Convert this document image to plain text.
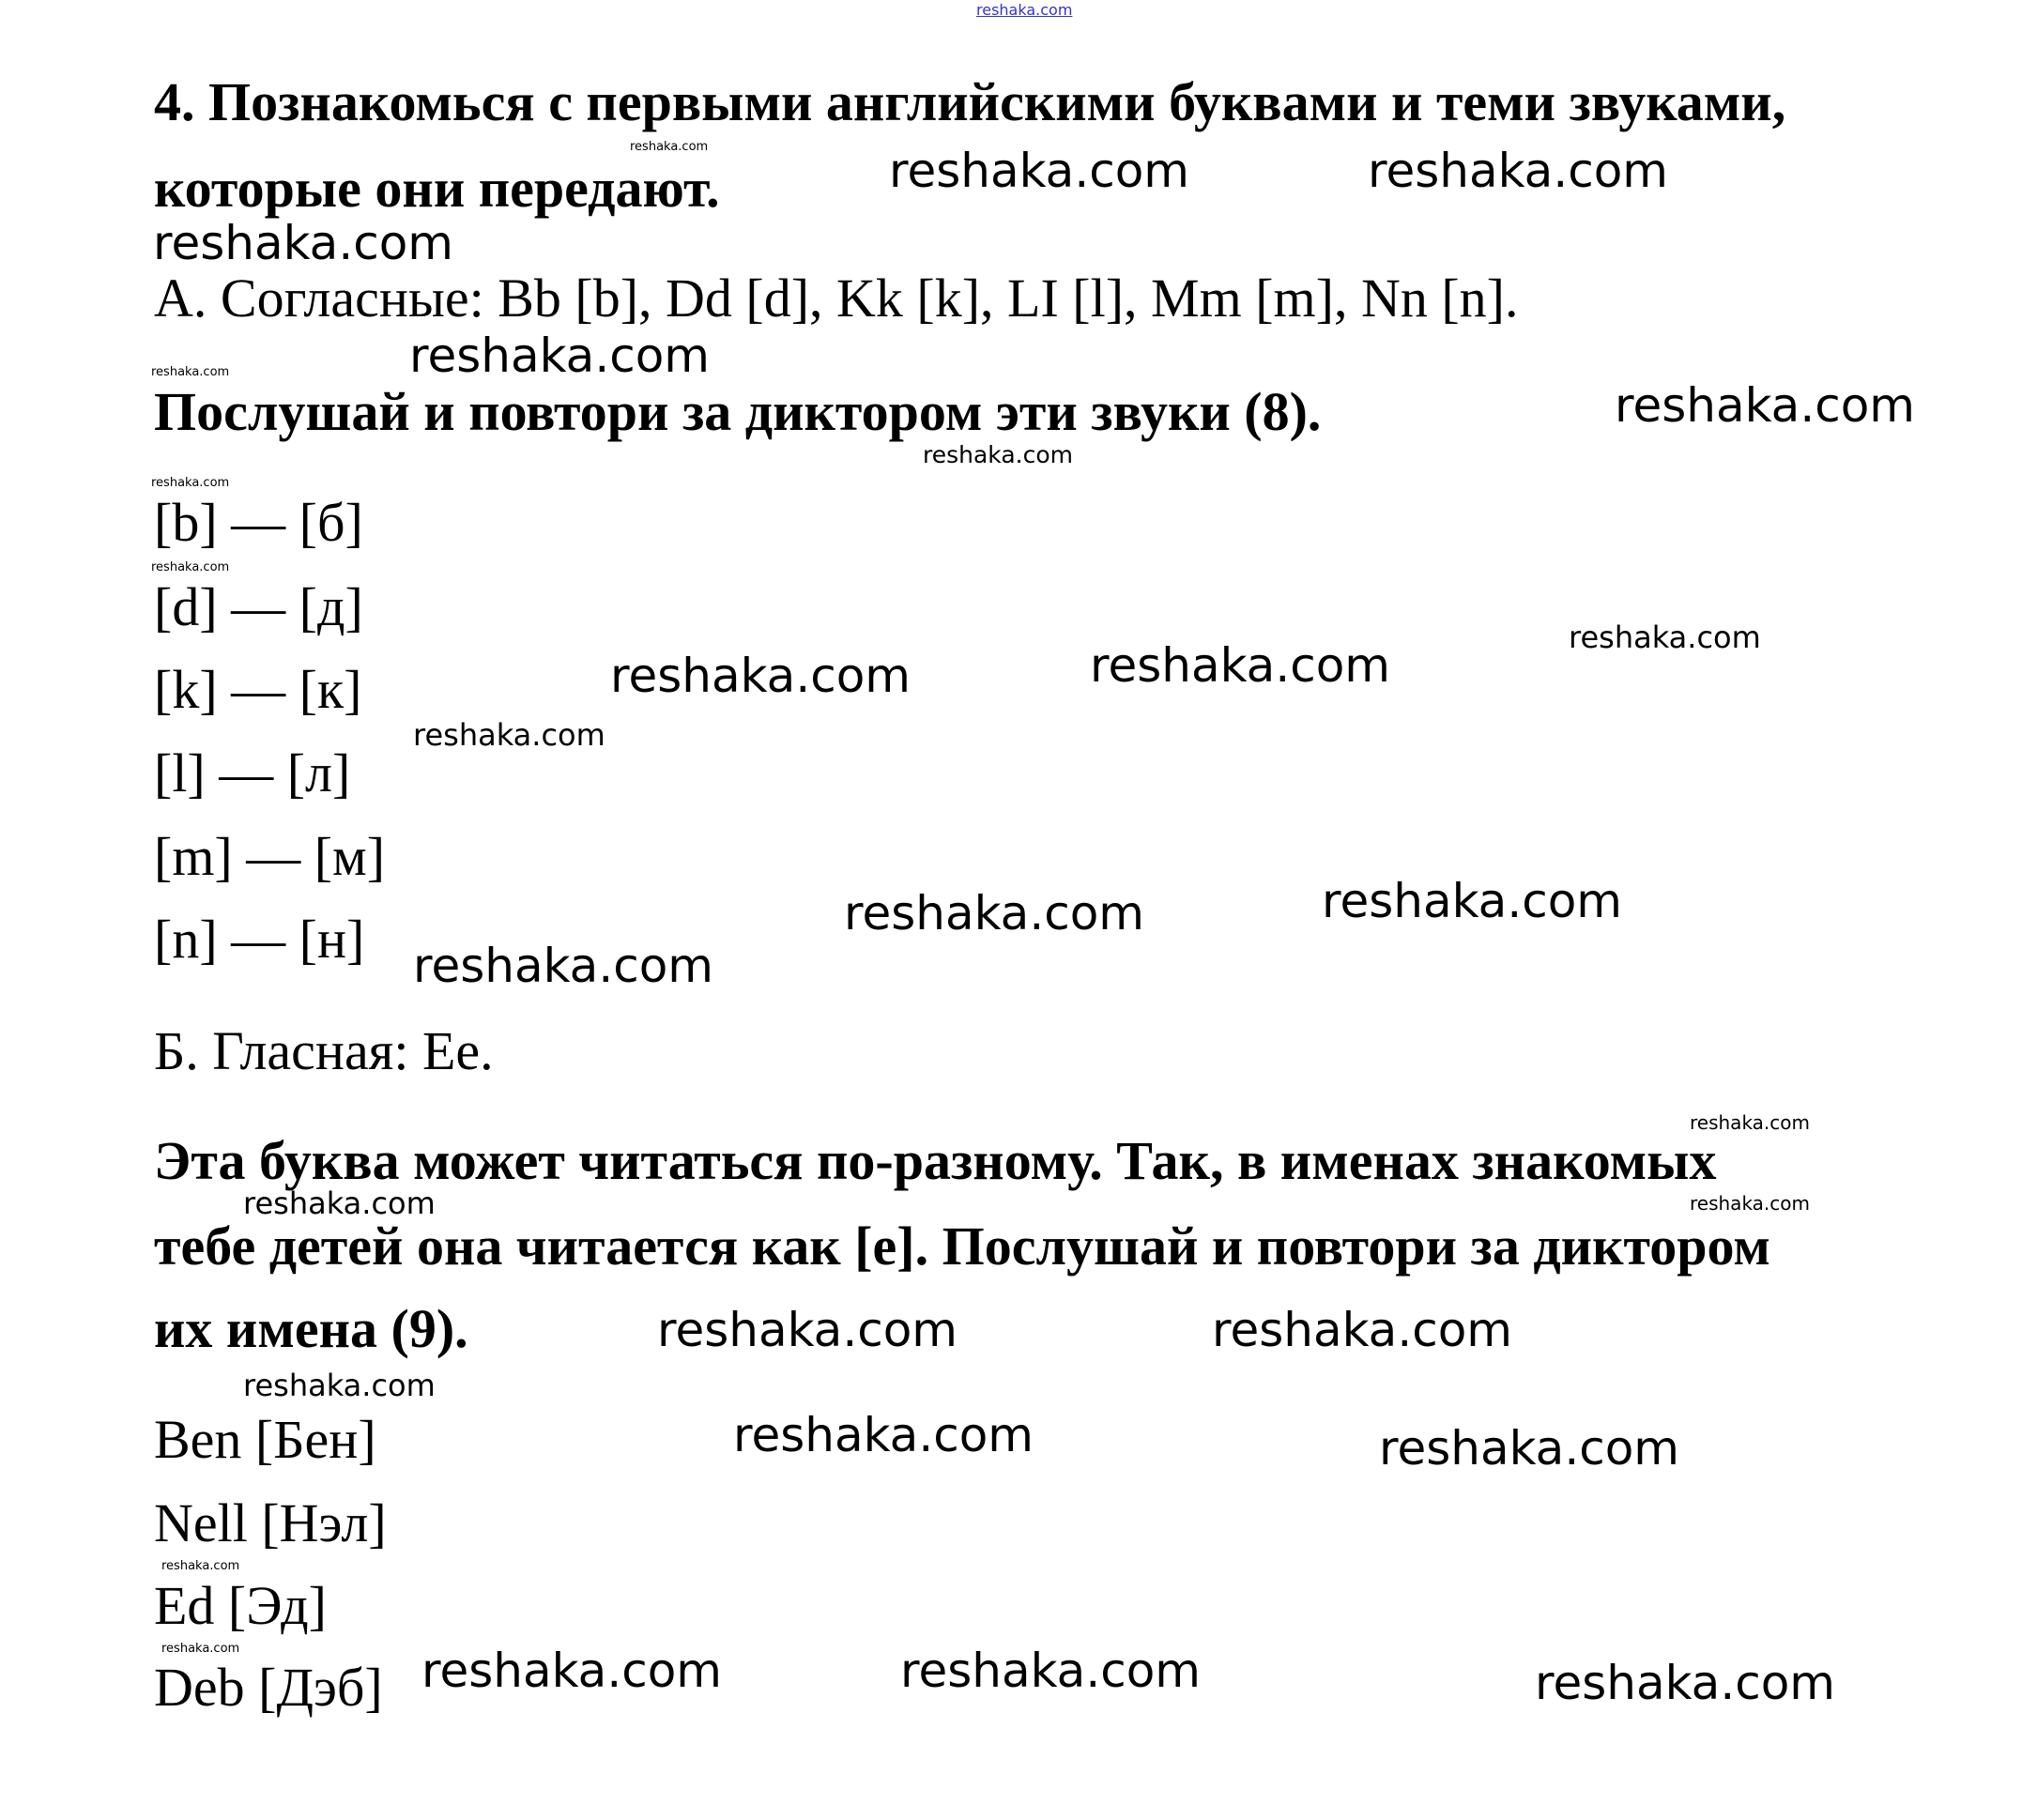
reshaka.com
4. Познакомься с первыми английскими буквами и теми звуками,
которые они передают.
А. Согласные: Bb [b], Dd [d], Kk [k], LI [l], Mm [m], Nn [n].
Послушай и повтори за диктором эти звуки (8).
[b] — [б]
[d] — [д]
[k] — [к]
[l] — [л]
[m] — [м]
[n] — [н]
Б. Гласная: Ee.
Эта буква может читаться по-разному. Так, в именах знакомых
тебе детей она читается как [e]. Послушай и повтори за диктором
их имена (9).
Ben [Бен]
Nell [Нэл]
Ed [Эд]
Deb [Дэб]
reshaka.com
reshaka.com	reshaka.com	reshaka.com
reshaka.com	reshaka.com
reshaka.com
reshaka.com
reshaka.com
reshaka.com
reshaka.com	reshaka.com
reshaka.com
reshaka.com
reshaka.com	reshaka.com
reshaka.com
reshaka.com
reshaka.com
reshaka.com	reshaka.com
reshaka.com
reshaka.com
reshaka.com	reshaka.com
reshaka.com
reshaka.com	reshaka.com	reshaka.com	reshaka.com
